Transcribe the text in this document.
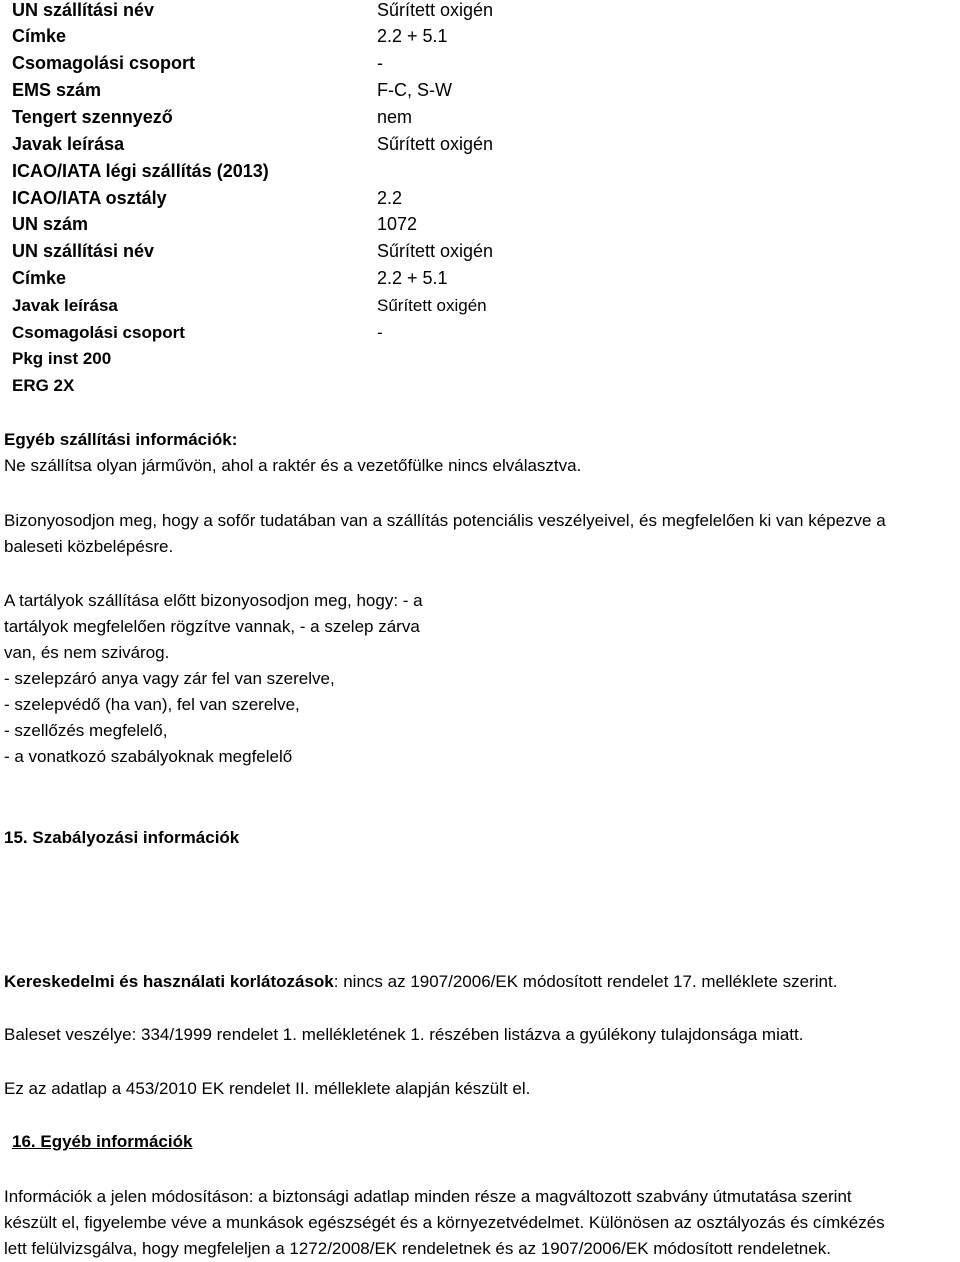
UN szállítási név	Sűrített oxigén
Címke	2.2 + 5.1
Csomagolási csoport	-
EMS szám	F-C, S-W
Tengert szennyező	nem
Javak leírása	Sűrített oxigén
ICAO/IATA légi szállítás (2013)
ICAO/IATA osztály	2.2
UN szám	1072
UN szállítási név	Sűrített oxigén
Címke	2.2 + 5.1
Javak leírása	Sűrített oxigén
Csomagolási csoport	-
Pkg inst 200
ERG 2X
Egyéb szállítási információk:
Ne szállítsa olyan járművön, ahol a raktér és a vezetőfülke nincs elválasztva.
Bizonyosodjon meg, hogy a sofőr tudatában van a szállítás potenciális veszélyeivel, és megfelelően ki van képezve a
baleseti közbelépésre.
A tartályok szállítása előtt bizonyosodjon meg, hogy: - a
tartályok megfelelően rögzítve vannak, - a szelep zárva
van, és nem szivárog.
- szelepzáró anya vagy zár fel van szerelve,
- szelepvédő (ha van), fel van szerelve,
- szellőzés megfelelő,
- a vonatkozó szabályoknak megfelelő
15. Szabályozási információk
Kereskedelmi és használati korlátozások: nincs az 1907/2006/EK módosított rendelet 17. melléklete szerint.
Baleset veszélye: 334/1999 rendelet 1. mellékletének 1. részében listázva a gyúlékony tulajdonsága miatt.
Ez az adatlap a 453/2010 EK rendelet II. mélleklete alapján készült el.
16. Egyéb információk
Információk a jelen módosításon: a biztonsági adatlap minden része a magváltozott szabvány útmutatása szerint
készült el, figyelembe véve a munkások egészségét és a környezetvédelmet. Különösen az osztályozás és címkézés
lett felülvizsgálva, hogy megfeleljen a 1272/2008/EK rendeletnek és az 1907/2006/EK módosított rendeletnek.
